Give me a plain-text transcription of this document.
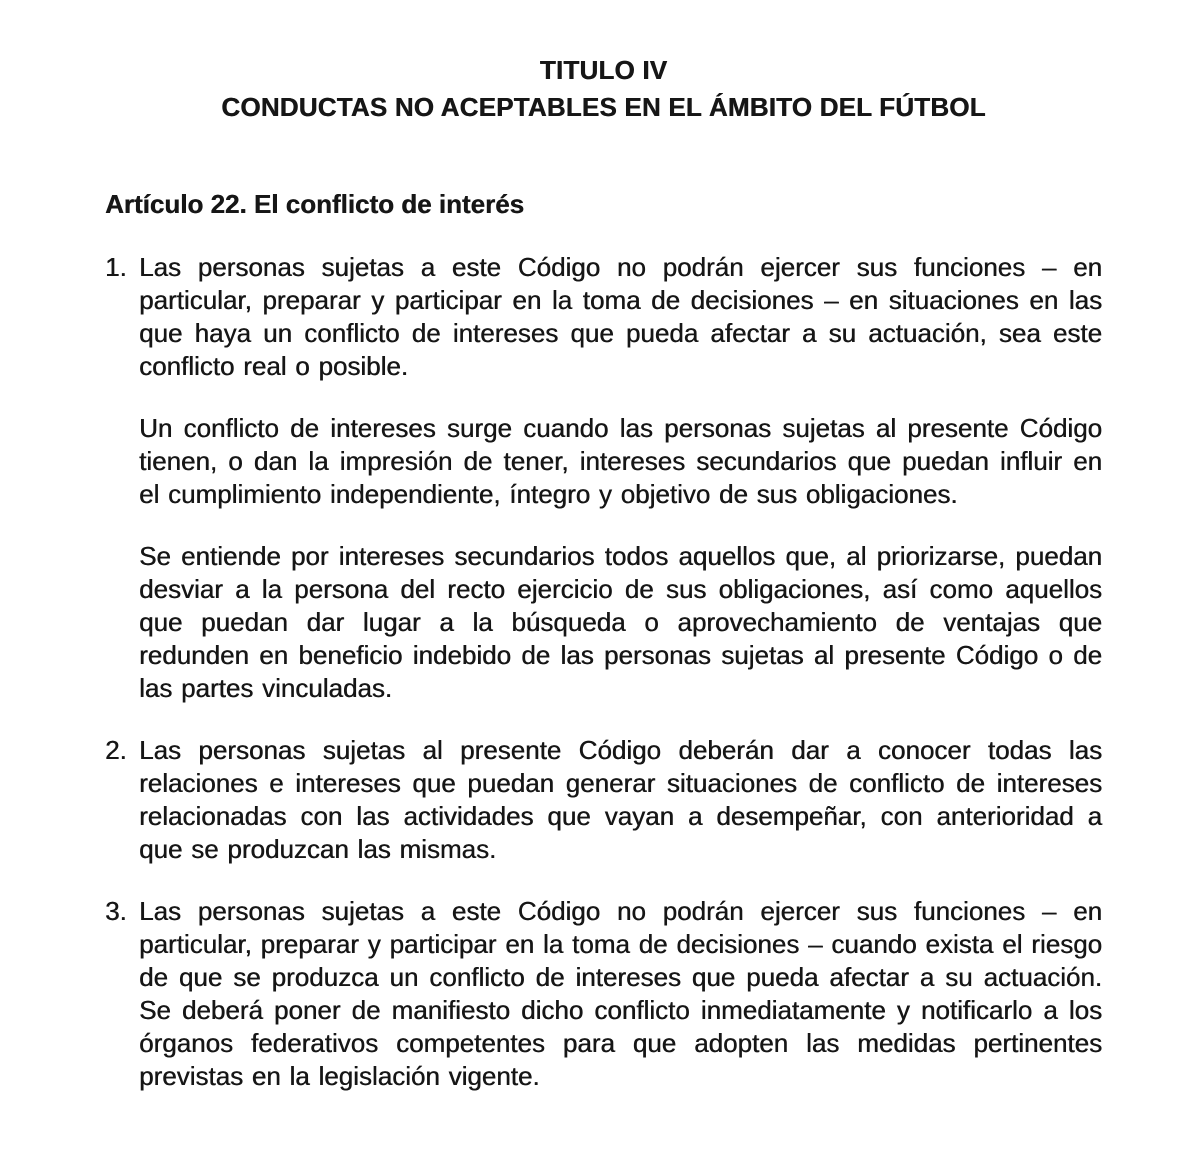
TITULO IV
CONDUCTAS NO ACEPTABLES EN EL ÁMBITO DEL FÚTBOL
Artículo 22. El conflicto de interés
1. Las personas sujetas a este Código no podrán ejercer sus funciones – en particular, preparar y participar en la toma de decisiones – en situaciones en las que haya un conflicto de intereses que pueda afectar a su actuación, sea este conflicto real o posible.

Un conflicto de intereses surge cuando las personas sujetas al presente Código tienen, o dan la impresión de tener, intereses secundarios que puedan influir en el cumplimiento independiente, íntegro y objetivo de sus obligaciones.

Se entiende por intereses secundarios todos aquellos que, al priorizarse, puedan desviar a la persona del recto ejercicio de sus obligaciones, así como aquellos que puedan dar lugar a la búsqueda o aprovechamiento de ventajas que redunden en beneficio indebido de las personas sujetas al presente Código o de las partes vinculadas.

2. Las personas sujetas al presente Código deberán dar a conocer todas las relaciones e intereses que puedan generar situaciones de conflicto de intereses relacionadas con las actividades que vayan a desempeñar, con anterioridad a que se produzcan las mismas.

3. Las personas sujetas a este Código no podrán ejercer sus funciones – en particular, preparar y participar en la toma de decisiones – cuando exista el riesgo de que se produzca un conflicto de intereses que pueda afectar a su actuación. Se deberá poner de manifiesto dicho conflicto inmediatamente y notificarlo a los órganos federativos competentes para que adopten las medidas pertinentes previstas en la legislación vigente.
